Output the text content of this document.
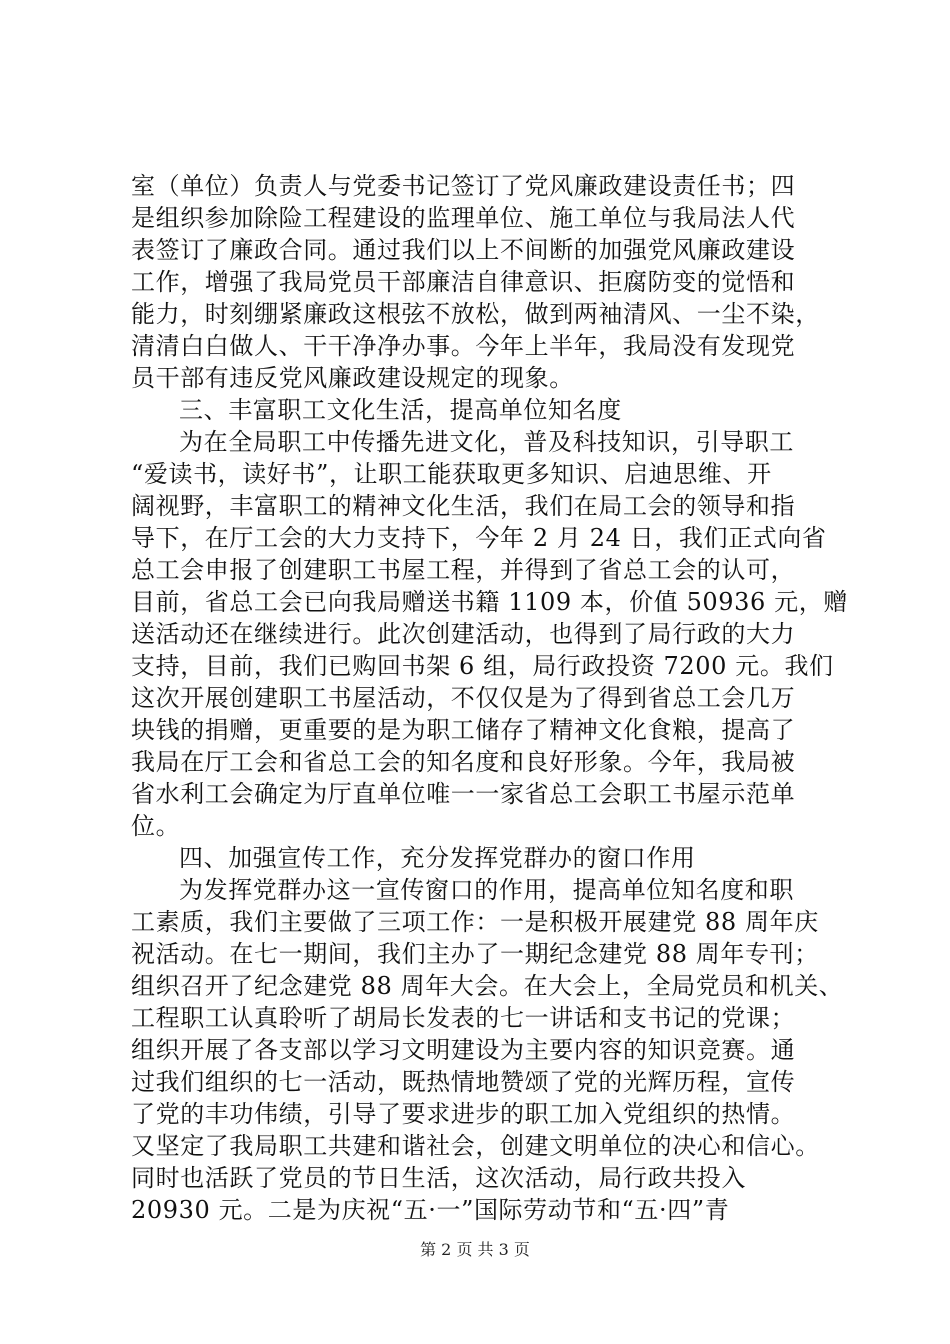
室（单位）负责人与党委书记签订了党风廉政建设责任书；四
是组织参加除险工程建设的监理单位、施工单位与我局法人代
表签订了廉政合同。通过我们以上不间断的加强党风廉政建设
工作，增强了我局党员干部廉洁自律意识、拒腐防变的觉悟和
能力，时刻绷紧廉政这根弦不放松，做到两袖清风、一尘不染，
清清白白做人、干干净净办事。今年上半年，我局没有发现党
员干部有违反党风廉政建设规定的现象。
三、丰富职工文化生活，提高单位知名度
为在全局职工中传播先进文化，普及科技知识，引导职工
“爱读书，读好书”，让职工能获取更多知识、启迪思维、开
阔视野，丰富职工的精神文化生活，我们在局工会的领导和指
导下，在厅工会的大力支持下，今年 2 月 24 日，我们正式向省
总工会申报了创建职工书屋工程，并得到了省总工会的认可，
目前，省总工会已向我局赠送书籍 1109 本，价值 50936 元，赠
送活动还在继续进行。此次创建活动，也得到了局行政的大力
支持，目前，我们已购回书架 6 组，局行政投资 7200 元。我们
这次开展创建职工书屋活动，不仅仅是为了得到省总工会几万
块钱的捐赠，更重要的是为职工储存了精神文化食粮，提高了
我局在厅工会和省总工会的知名度和良好形象。今年，我局被
省水利工会确定为厅直单位唯一一家省总工会职工书屋示范单
位。
四、加强宣传工作，充分发挥党群办的窗口作用
为发挥党群办这一宣传窗口的作用，提高单位知名度和职
工素质，我们主要做了三项工作：一是积极开展建党 88 周年庆
祝活动。在七一期间，我们主办了一期纪念建党 88 周年专刊；
组织召开了纪念建党 88 周年大会。在大会上，全局党员和机关、
工程职工认真聆听了胡局长发表的七一讲话和支书记的党课；
组织开展了各支部以学习文明建设为主要内容的知识竞赛。通
过我们组织的七一活动，既热情地赞颂了党的光辉历程，宣传
了党的丰功伟绩，引导了要求进步的职工加入党组织的热情。
又坚定了我局职工共建和谐社会，创建文明单位的决心和信心。
同时也活跃了党员的节日生活，这次活动，局行政共投入
20930 元。二是为庆祝“五·一”国际劳动节和“五·四”青
第 2 页 共 3 页
